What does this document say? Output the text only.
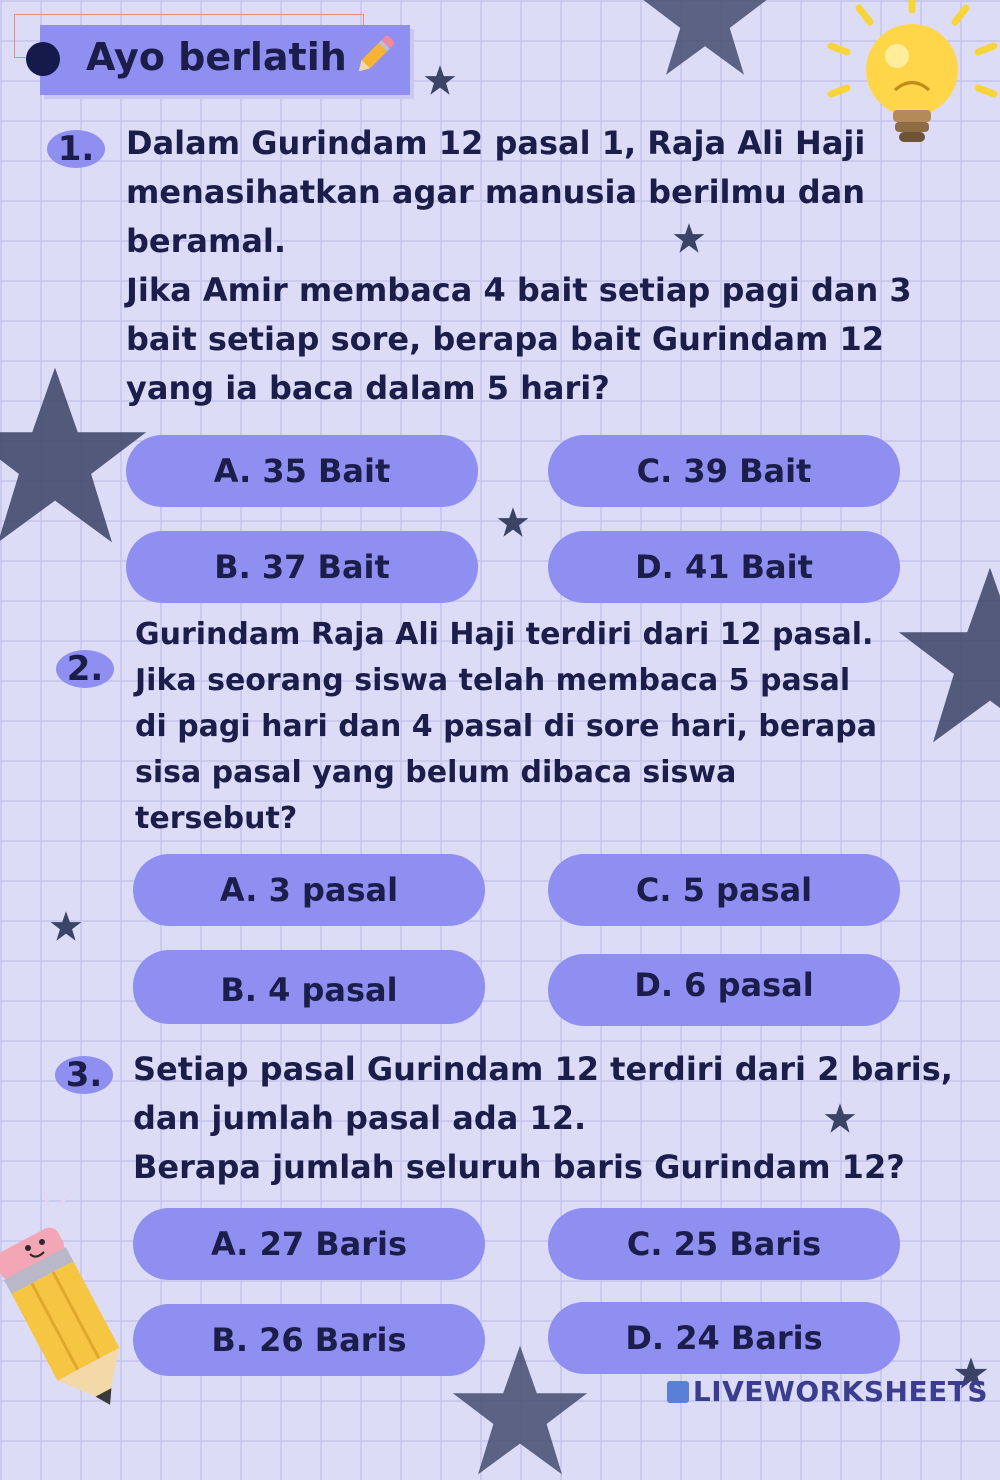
Ayo berlatih
1. Dalam Gurindam 12 pasal 1, Raja Ali Haji

menasihatkan agar manusia berilmu dan

beramal.

Jika Amir membaca 4 bait setiap pagi dan 3

bait setiap sore, berapa bait Gurindam 12

yang ia baca dalam 5 hari?

A. 35 Bait
B. 37 Bait
C. 39 Bait
D. 41 Bait
2.

Gurindam Raja Ali Haji terdiri dari 12 pasal.

Jika seorang siswa telah membaca 5 pasal

di pagi hari dan 4 pasal di sore hari, berapa

sisa pasal yang belum dibaca siswa

tersebut?

A. 3 pasal
B. 4 pasal
C. 5 pasal
D. 6 pasal
3. Setiap pasal Gurindam 12 terdiri dari 2 baris,

dan jumlah pasal ada 12.

Berapa jumlah seluruh baris Gurindam 12?

A. 27 Baris
B. 26 Baris
C. 25 Baris
D. 24 Baris
LIVEWORKSHEETS
